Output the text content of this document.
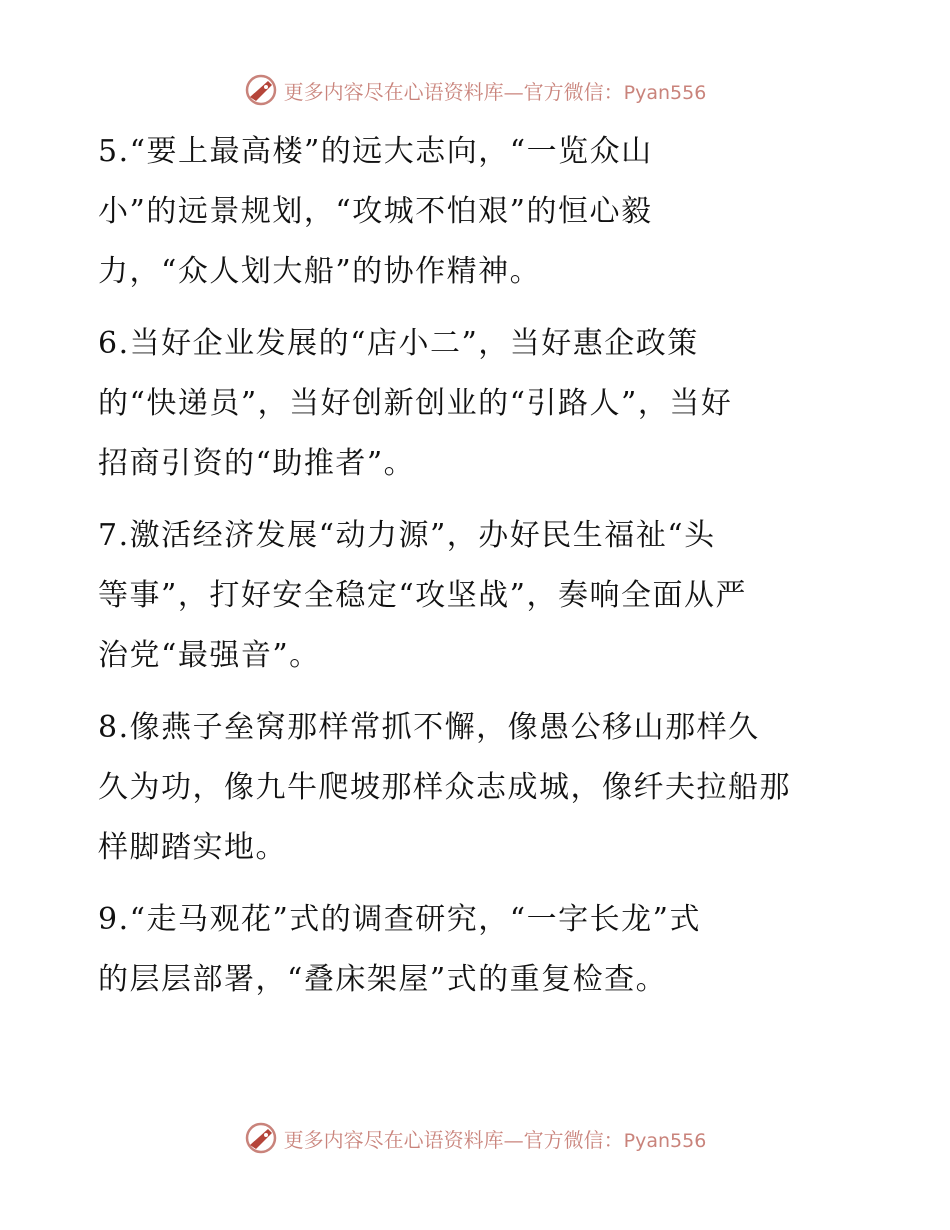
更多内容尽在心语资料库—官方微信：Pyan556

5.“要上最高楼”的远大志向，“一览众山
小”的远景规划，“攻城不怕艰”的恒心毅
力，“众人划大船”的协作精神。

6.当好企业发展的“店小二”，当好惠企政策
的“快递员”，当好创新创业的“引路人”，当好
招商引资的“助推者”。

7.激活经济发展“动力源”，办好民生福祉“头
等事”，打好安全稳定“攻坚战”，奏响全面从严
治党“最强音”。

8.像燕子垒窝那样常抓不懈，像愚公移山那样久
久为功，像九牛爬坡那样众志成城，像纤夫拉船那
样脚踏实地。

9.“走马观花”式的调查研究，“一字长龙”式
的层层部署，“叠床架屋”式的重复检查。

更多内容尽在心语资料库—官方微信：Pyan556
